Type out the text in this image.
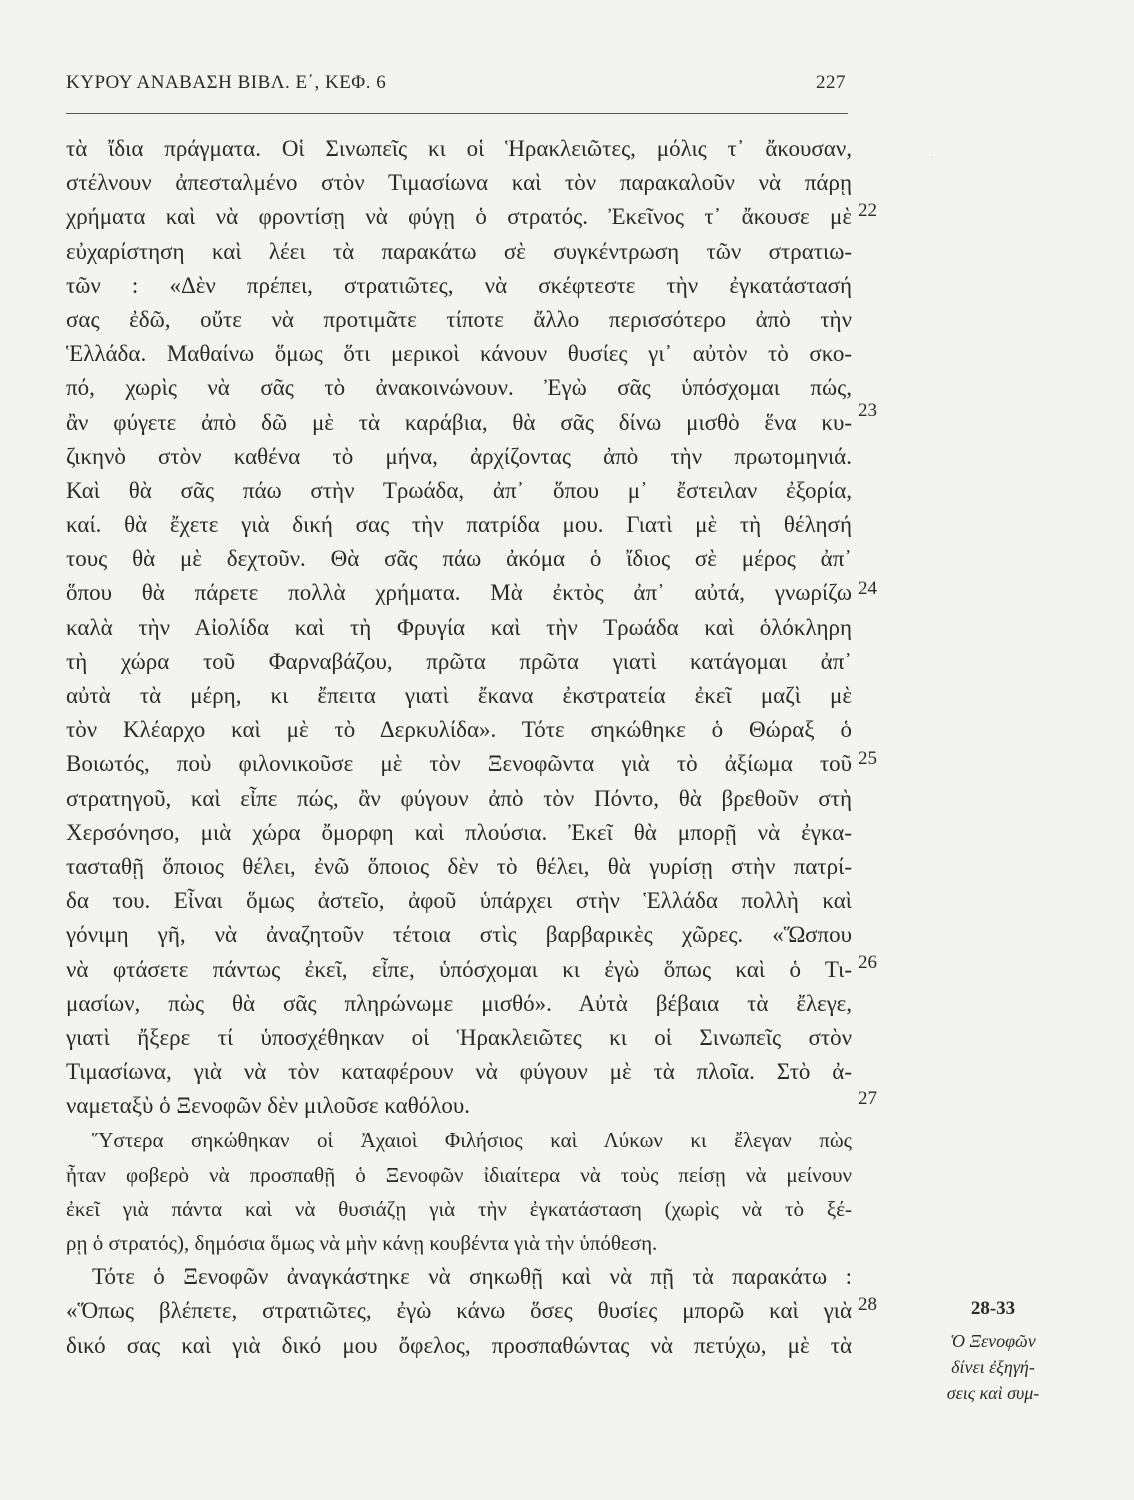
·
ΚΥΡΟΥ ΑΝΑΒΑΣΗ ΒΙΒΛ. Ε΄, ΚΕΦ. 6	227
τὰ ἴδια πράγματα. Οἱ Σινωπεῖς κι οἱ Ἡρακλειῶτες, μόλις τ᾿ ἄκουσαν,
στέλνουν ἀπεσταλμένο στὸν Τιμασίωνα καὶ τὸν παρακαλοῦν νὰ πάρῃ
χρήματα καὶ νὰ φροντίσῃ νὰ φύγῃ ὁ στρατός. Ἐκεῖνος τ᾿ ἄκουσε μὲ
εὐχαρίστηση καὶ λέει τὰ παρακάτω σὲ συγκέντρωση τῶν στρατιω-
τῶν : «Δὲν πρέπει, στρατιῶτες, νὰ σκέφτεστε τὴν ἐγκατάστασή
σας ἐδῶ, οὔτε νὰ προτιμᾶτε τίποτε ἄλλο περισσότερο ἀπὸ τὴν
Ἑλλάδα. Μαθαίνω ὅμως ὅτι μερικοὶ κάνουν θυσίες γι᾿ αὐτὸν τὸ σκο-
πό, χωρὶς νὰ σᾶς τὸ ἀνακοινώνουν. Ἐγὼ σᾶς ὑπόσχομαι πώς,
ἂν φύγετε ἀπὸ δῶ μὲ τὰ καράβια, θὰ σᾶς δίνω μισθὸ ἕνα κυ-
ζικηνὸ στὸν καθένα τὸ μήνα, ἀρχίζοντας ἀπὸ τὴν πρωτομηνιά.
Καὶ θὰ σᾶς πάω στὴν Τρωάδα, ἀπ᾿ ὅπου μ᾿ ἔστειλαν ἐξορία,
καί. θὰ ἔχετε γιὰ δική σας τὴν πατρίδα μου. Γιατὶ μὲ τὴ θέλησή
τους θὰ μὲ δεχτοῦν. Θὰ σᾶς πάω ἀκόμα ὁ ἴδιος σὲ μέρος ἀπ᾿
ὅπου θὰ πάρετε πολλὰ χρήματα. Μὰ ἐκτὸς ἀπ᾿ αὐτά, γνωρίζω
καλὰ τὴν Αἰολίδα καὶ τὴ Φρυγία καὶ τὴν Τρωάδα καὶ ὁλόκληρη
τὴ χώρα τοῦ Φαρναβάζου, πρῶτα πρῶτα γιατὶ κατάγομαι ἀπ᾿
αὐτὰ τὰ μέρη, κι ἔπειτα γιατὶ ἔκανα ἐκστρατεία ἐκεῖ μαζὶ μὲ
τὸν Κλέαρχο καὶ μὲ τὸ Δερκυλίδα». Τότε σηκώθηκε ὁ Θώραξ ὁ
Βοιωτός, ποὺ φιλονικοῦσε μὲ τὸν Ξενοφῶντα γιὰ τὸ ἀξίωμα τοῦ
στρατηγοῦ, καὶ εἶπε πώς, ἂν φύγουν ἀπὸ τὸν Πόντο, θὰ βρεθοῦν στὴ
Χερσόνησο, μιὰ χώρα ὄμορφη καὶ πλούσια. Ἐκεῖ θὰ μπορῇ νὰ ἐγκα-
τασταθῇ ὅποιος θέλει, ἐνῶ ὅποιος δὲν τὸ θέλει, θὰ γυρίσῃ στὴν πατρί-
δα του. Εἶναι ὅμως ἀστεῖο, ἀφοῦ ὑπάρχει στὴν Ἑλλάδα πολλὴ καὶ
γόνιμη γῆ, νὰ ἀναζητοῦν τέτοια στὶς βαρβαρικὲς χῶρες. «Ὥσπου
νὰ φτάσετε πάντως ἐκεῖ, εἶπε, ὑπόσχομαι κι ἐγὼ ὅπως καὶ ὁ Τι-
μασίων, πὼς θὰ σᾶς πληρώνωμε μισθό». Αὐτὰ βέβαια τὰ ἔλεγε,
γιατὶ ἤξερε τί ὑποσχέθηκαν οἱ Ἡρακλειῶτες κι οἱ Σινωπεῖς στὸν
Τιμασίωνα, γιὰ νὰ τὸν καταφέρουν νὰ φύγουν μὲ τὰ πλοῖα. Στὸ ἀ-
ναμεταξὺ ὁ Ξενοφῶν δὲν μιλοῦσε καθόλου.
Ὕστερα σηκώθηκαν οἱ Ἀχαιοὶ Φιλήσιος καὶ Λύκων κι ἔλεγαν πὼς
ἦταν φοβερὸ νὰ προσπαθῇ ὁ Ξενοφῶν ἰδιαίτερα νὰ τοὺς πείσῃ νὰ μείνουν
ἐκεῖ γιὰ πάντα καὶ νὰ θυσιάζῃ γιὰ τὴν ἐγκατάσταση (χωρὶς νὰ τὸ ξέ-
ρῃ ὁ στρατός), δημόσια ὅμως νὰ μὴν κάνῃ κουβέντα γιὰ τὴν ὑπόθεση.
Τότε ὁ Ξενοφῶν ἀναγκάστηκε νὰ σηκωθῇ καὶ νὰ πῇ τὰ παρακάτω :
«Ὅπως βλέπετε, στρατιῶτες, ἐγὼ κάνω ὅσες θυσίες μπορῶ καὶ γιὰ
δικό σας καὶ γιὰ δικό μου ὄφελος, προσπαθώντας νὰ πετύχω, μὲ τὰ
22
23
24
25
26
27
28	28-33
Ὁ Ξενοφῶν
δίνει ἐξηγή-
σεις καὶ συμ-
